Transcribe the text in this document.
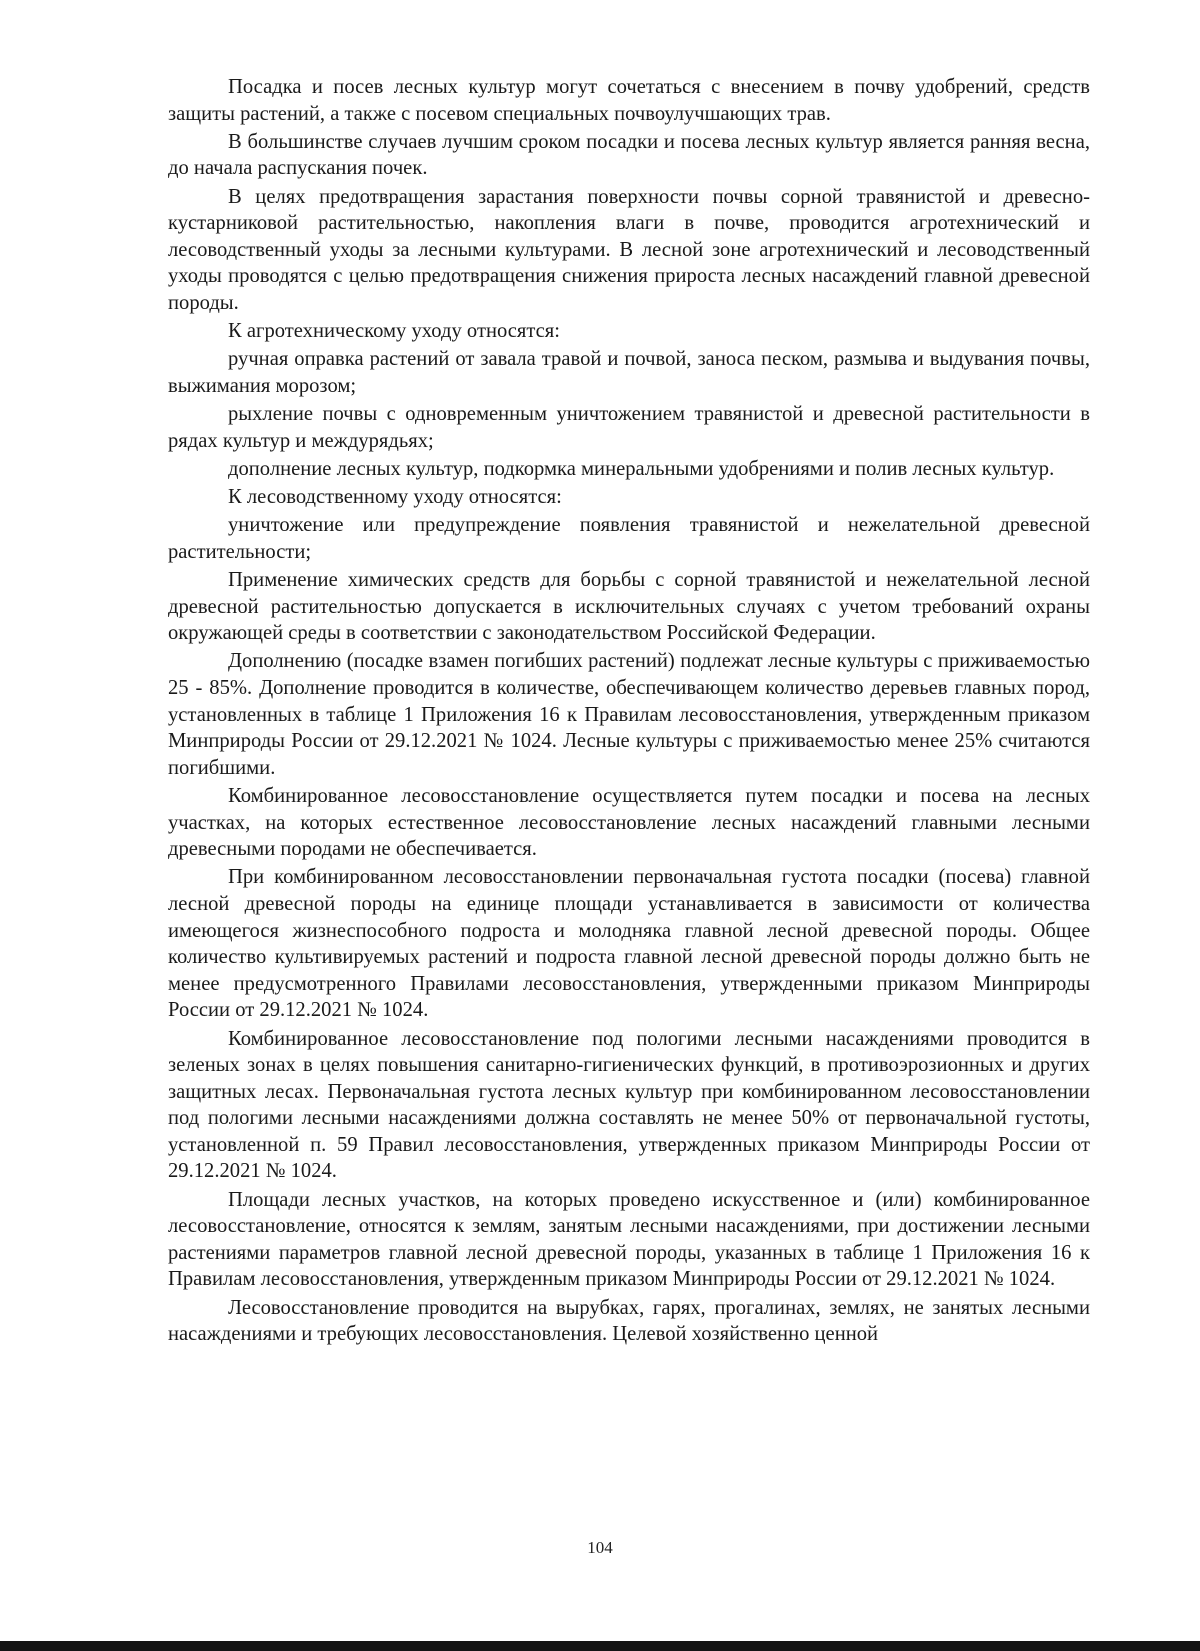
Посадка и посев лесных культур могут сочетаться с внесением в почву удобрений, средств защиты растений, а также с посевом специальных почвоулучшающих трав.

В большинстве случаев лучшим сроком посадки и посева лесных культур является ранняя весна, до начала распускания почек.

В целях предотвращения зарастания поверхности почвы сорной травянистой и древесно-кустарниковой растительностью, накопления влаги в почве, проводится агротехнический и лесоводственный уходы за лесными культурами. В лесной зоне агротехнический и лесоводственный уходы проводятся с целью предотвращения снижения прироста лесных насаждений главной древесной породы.

К агротехническому уходу относятся:

ручная оправка растений от завала травой и почвой, заноса песком, размыва и выдувания почвы, выжимания морозом;

рыхление почвы с одновременным уничтожением травянистой и древесной растительности в рядах культур и междурядьях;

дополнение лесных культур, подкормка минеральными удобрениями и полив лесных культур.

К лесоводственному уходу относятся:

уничтожение или предупреждение появления травянистой и нежелательной древесной растительности;

Применение химических средств для борьбы с сорной травянистой и нежелательной лесной древесной растительностью допускается в исключительных случаях с учетом требований охраны окружающей среды в соответствии с законодательством Российской Федерации.

Дополнению (посадке взамен погибших растений) подлежат лесные культуры с приживаемостью 25 - 85%. Дополнение проводится в количестве, обеспечивающем количество деревьев главных пород, установленных в таблице 1 Приложения 16 к Правилам лесовосстановления, утвержденным приказом Минприроды России от 29.12.2021 № 1024. Лесные культуры с приживаемостью менее 25% считаются погибшими.

Комбинированное лесовосстановление осуществляется путем посадки и посева на лесных участках, на которых естественное лесовосстановление лесных насаждений главными лесными древесными породами не обеспечивается.

При комбинированном лесовосстановлении первоначальная густота посадки (посева) главной лесной древесной породы на единице площади устанавливается в зависимости от количества имеющегося жизнеспособного подроста и молодняка главной лесной древесной породы. Общее количество культивируемых растений и подроста главной лесной древесной породы должно быть не менее предусмотренного Правилами лесовосстановления, утвержденными приказом Минприроды России от 29.12.2021 № 1024.

Комбинированное лесовосстановление под пологими лесными насаждениями проводится в зеленых зонах в целях повышения санитарно-гигиенических функций, в противоэрозионных и других защитных лесах. Первоначальная густота лесных культур при комбинированном лесовосстановлении под пологими лесными насаждениями должна составлять не менее 50% от первоначальной густоты, установленной п. 59 Правил лесовосстановления, утвержденных приказом Минприроды России от 29.12.2021 № 1024.

Площади лесных участков, на которых проведено искусственное и (или) комбинированное лесовосстановление, относятся к землям, занятым лесными насаждениями, при достижении лесными растениями параметров главной лесной древесной породы, указанных в таблице 1 Приложения 16 к Правилам лесовосстановления, утвержденным приказом Минприроды России от 29.12.2021 № 1024.

Лесовосстановление проводится на вырубках, гарях, прогалинах, землях, не занятых лесными насаждениями и требующих лесовосстановления. Целевой хозяйственно ценной

104
